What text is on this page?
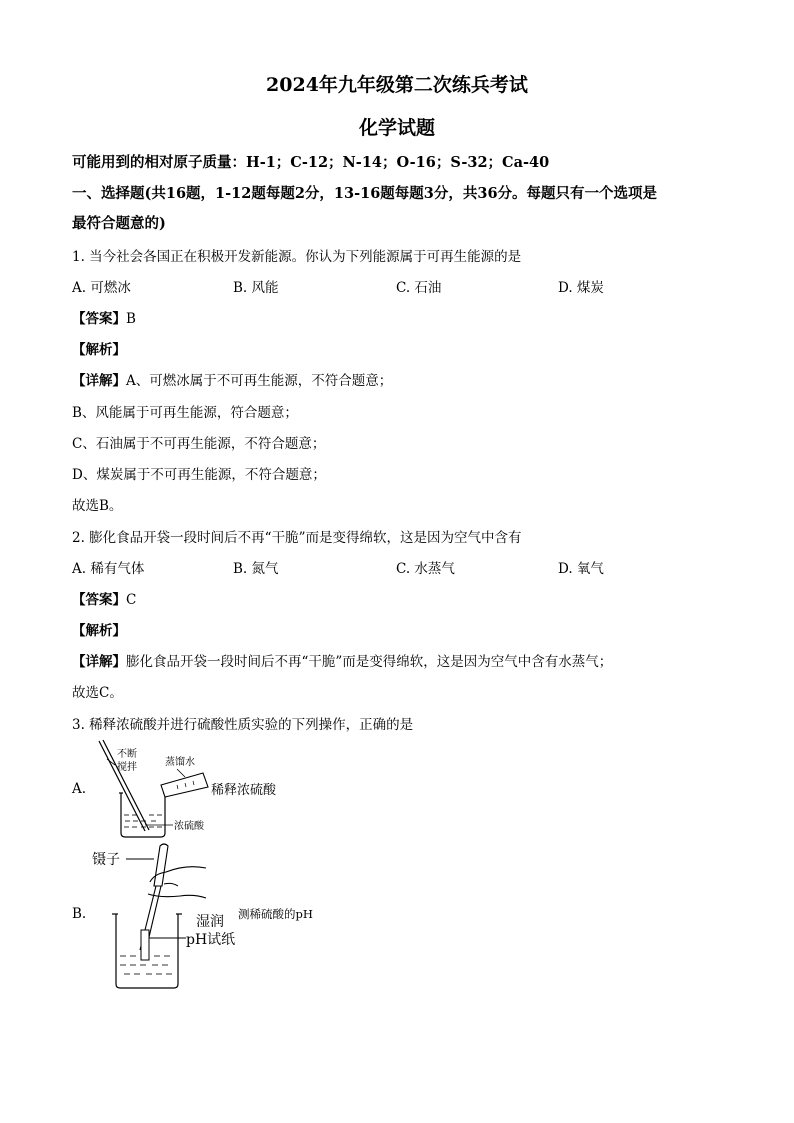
2024年九年级第二次练兵考试
化学试题
可能用到的相对原子质量：H-1；C-12；N-14；O-16；S-32；Ca-40
一、选择题(共16题，1-12题每题2分，13-16题每题3分，共36分。每题只有一个选项是
最符合题意的)
1. 当今社会各国正在积极开发新能源。你认为下列能源属于可再生能源的是
A. 可燃冰	B. 风能	C. 石油	D. 煤炭
【答案】B
【解析】
【详解】A、可燃冰属于不可再生能源，不符合题意；
B、风能属于可再生能源，符合题意；
C、石油属于不可再生能源，不符合题意；
D、煤炭属于不可再生能源，不符合题意；
故选B。
2. 膨化食品开袋一段时间后不再“干脆”而是变得绵软，这是因为空气中含有
A. 稀有气体	B. 氮气	C. 水蒸气	D. 氧气
【答案】C
【解析】
【详解】膨化食品开袋一段时间后不再“干脆”而是变得绵软，这是因为空气中含有水蒸气；
故选C。
3. 稀释浓硫酸并进行硫酸性质实验的下列操作，正确的是
A.
不断
搅拌	蒸馏水
浓硫酸
稀释浓硫酸
B.
镊子
湿润
pH试纸
测稀硫酸的pH
